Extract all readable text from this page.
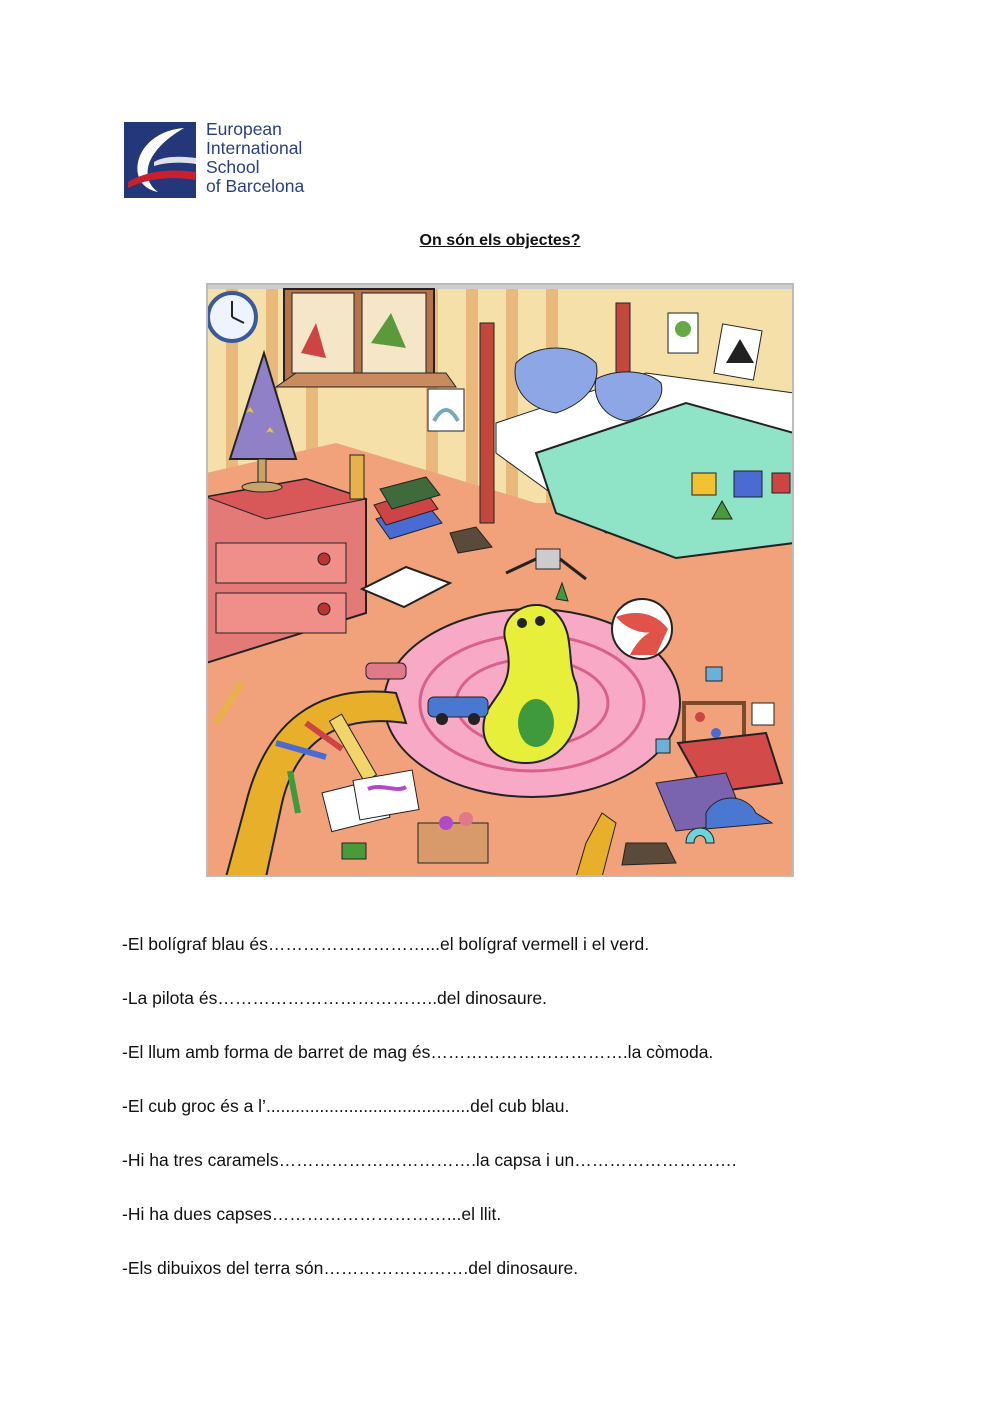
European
International
School
of Barcelona
On són els objectes?
-El bolígraf blau és………………………...el bolígraf vermell i el verd.
-La pilota és………………………………..del dinosaure.
-El llum amb forma de barret de mag és…………………………….la còmoda.
-El cub groc és a l’..........................................del cub blau.
-Hi ha tres caramels…………………………….la capsa i un……………………….
-Hi ha dues capses…………………………...el llit.
-Els dibuixos del terra són…………………….del dinosaure.
